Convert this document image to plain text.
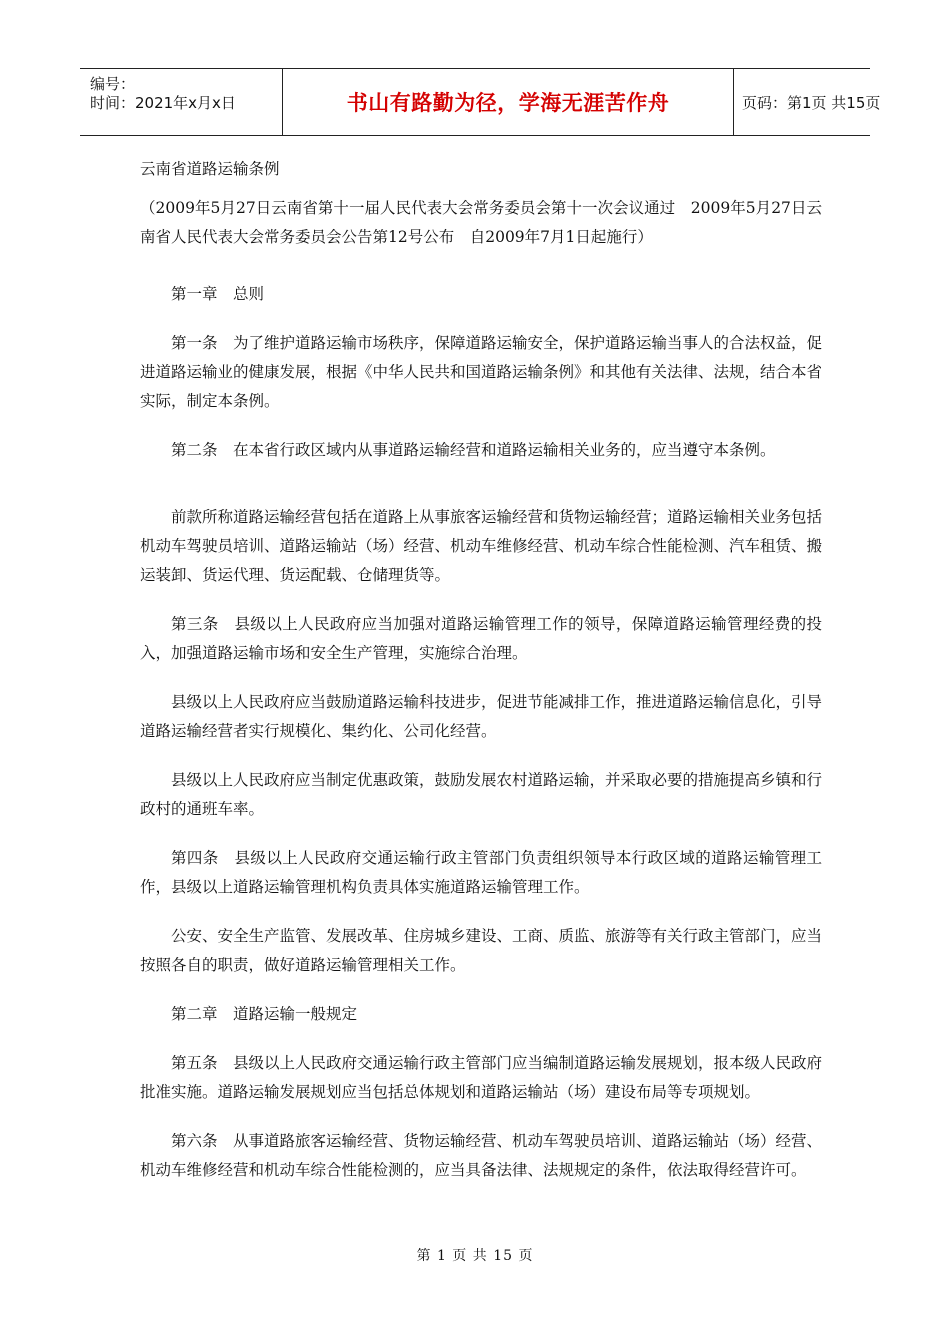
编号：
时间：2021年x月x日	书山有路勤为径，学海无涯苦作舟	页码：第1页 共15页

云南省道路运输条例

（2009年5月27日云南省第十一届人民代表大会常务委员会第十一次会议通过　2009年5月27日云南省人民代表大会常务委员会公告第12号公布　自2009年7月1日起施行）

第一章　总则

第一条　为了维护道路运输市场秩序，保障道路运输安全，保护道路运输当事人的合法权益，促进道路运输业的健康发展，根据《中华人民共和国道路运输条例》和其他有关法律、法规，结合本省实际，制定本条例。

第二条　在本省行政区域内从事道路运输经营和道路运输相关业务的，应当遵守本条例。

前款所称道路运输经营包括在道路上从事旅客运输经营和货物运输经营；道路运输相关业务包括机动车驾驶员培训、道路运输站（场）经营、机动车维修经营、机动车综合性能检测、汽车租赁、搬运装卸、货运代理、货运配载、仓储理货等。

第三条　县级以上人民政府应当加强对道路运输管理工作的领导，保障道路运输管理经费的投入，加强道路运输市场和安全生产管理，实施综合治理。

县级以上人民政府应当鼓励道路运输科技进步，促进节能减排工作，推进道路运输信息化，引导道路运输经营者实行规模化、集约化、公司化经营。

县级以上人民政府应当制定优惠政策，鼓励发展农村道路运输，并采取必要的措施提高乡镇和行政村的通班车率。

第四条　县级以上人民政府交通运输行政主管部门负责组织领导本行政区域的道路运输管理工作，县级以上道路运输管理机构负责具体实施道路运输管理工作。

公安、安全生产监管、发展改革、住房城乡建设、工商、质监、旅游等有关行政主管部门，应当按照各自的职责，做好道路运输管理相关工作。

第二章　道路运输一般规定

第五条　县级以上人民政府交通运输行政主管部门应当编制道路运输发展规划，报本级人民政府批准实施。道路运输发展规划应当包括总体规划和道路运输站（场）建设布局等专项规划。

第六条　从事道路旅客运输经营、货物运输经营、机动车驾驶员培训、道路运输站（场）经营、机动车维修经营和机动车综合性能检测的，应当具备法律、法规规定的条件，依法取得经营许可。

第 1 页 共 15 页
